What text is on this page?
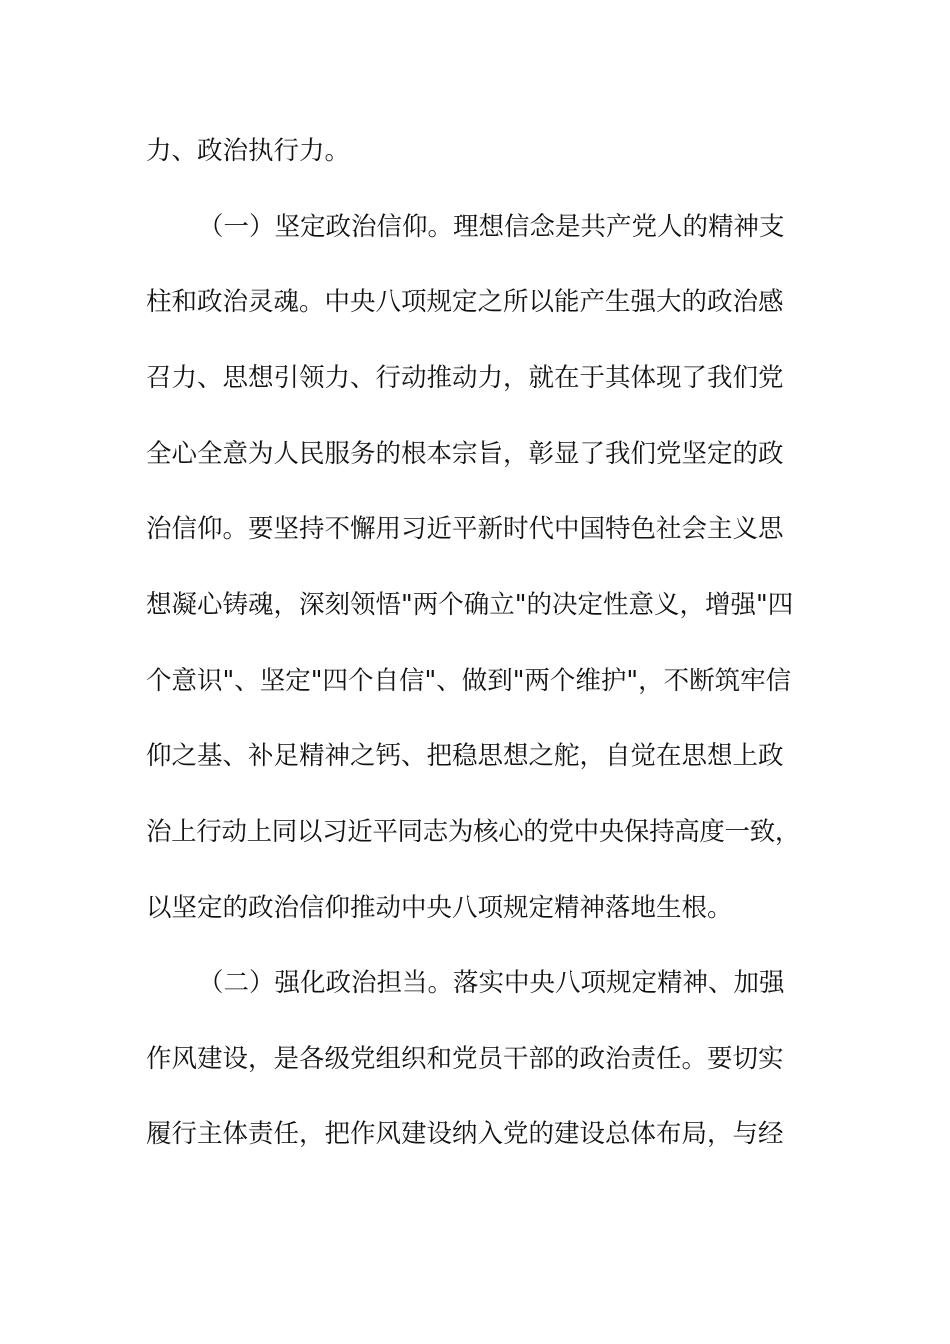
力、政治执行力。
（一）坚定政治信仰。理想信念是共产党人的精神支
柱和政治灵魂。中央八项规定之所以能产生强大的政治感
召力、思想引领力、行动推动力，就在于其体现了我们党
全心全意为人民服务的根本宗旨，彰显了我们党坚定的政
治信仰。要坚持不懈用习近平新时代中国特色社会主义思
想凝心铸魂，深刻领悟"两个确立"的决定性意义，增强"四
个意识"、坚定"四个自信"、做到"两个维护"，不断筑牢信
仰之基、补足精神之钙、把稳思想之舵，自觉在思想上政
治上行动上同以习近平同志为核心的党中央保持高度一致，
以坚定的政治信仰推动中央八项规定精神落地生根。
（二）强化政治担当。落实中央八项规定精神、加强
作风建设，是各级党组织和党员干部的政治责任。要切实
履行主体责任，把作风建设纳入党的建设总体布局，与经
